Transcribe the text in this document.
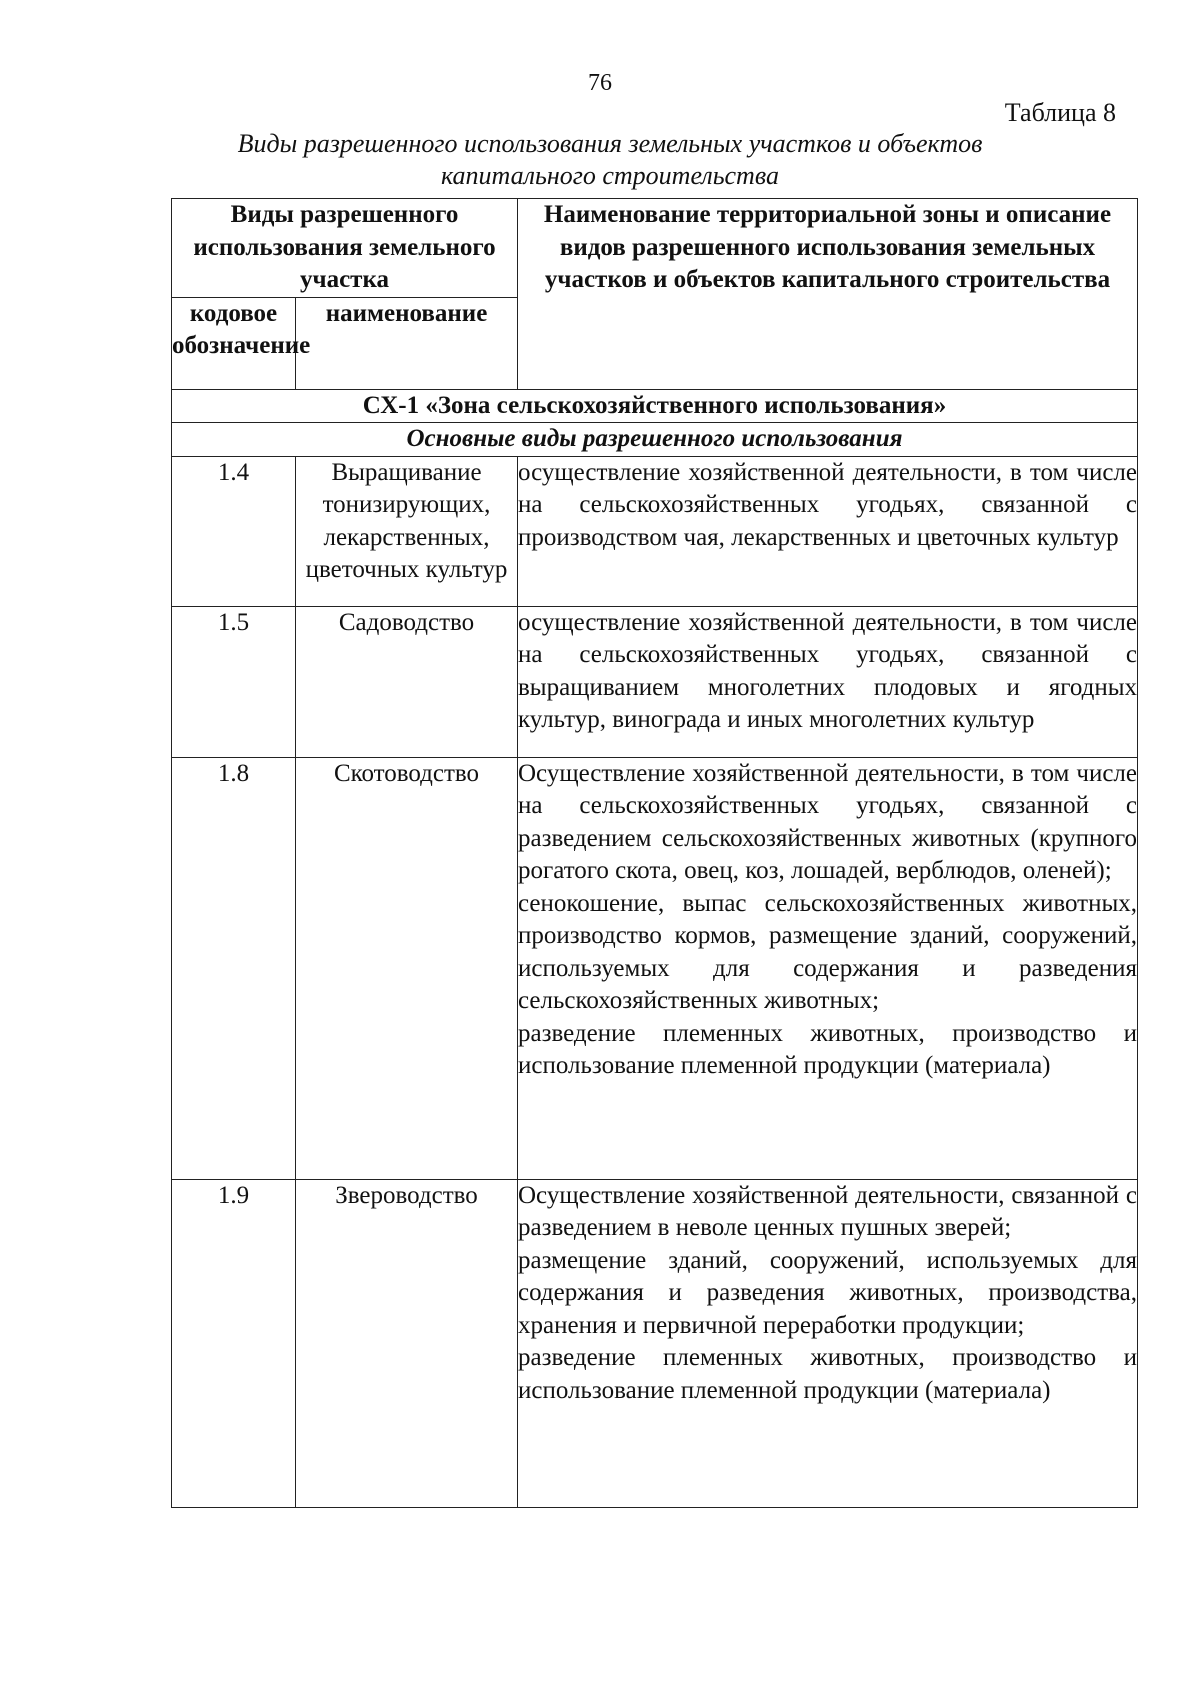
76
Таблица 8
Виды разрешенного использования земельных участков и объектов капитального строительства
Виды разрешенного использования земельного участка		Наименование территориальной зоны и описание видов разрешенного использования земельных участков и объектов капитального строительства
кодовое обозначение	наименование	
СХ-1 «Зона сельскохозяйственного использования»		
Основные виды разрешенного использования		
1.4	Выращивание тонизирующих, лекарственных, цветочных культур	осуществление хозяйственной деятельности, в том числе на сельскохозяйственных угодьях, связанной с производством чая, лекарственных и цветочных культур

1.5	Садоводство	осуществление хозяйственной деятельности, в том числе на сельскохозяйственных угодьях, связанной с выращиванием многолетних плодовых и ягодных культур, винограда и иных многолетних культур

1.8	Скотоводство	Осуществление хозяйственной деятельности, в том числе на сельскохозяйственных угодьях, связанной с разведением сельскохозяйственных животных (крупного рогатого скота, овец, коз, лошадей, верблюдов, оленей);

сенокошение, выпас сельскохозяйственных животных, производство кормов, размещение зданий, сооружений, используемых для содержания и разведения сельскохозяйственных животных;

разведение племенных животных, производство и использование племенной продукции (материала)

1.9	Звероводство	Осуществление хозяйственной деятельности, связанной с разведением в неволе ценных пушных зверей;

размещение зданий, сооружений, используемых для содержания и разведения животных, производства, хранения и первичной переработки продукции;

разведение племенных животных, производство и использование племенной продукции (материала)
